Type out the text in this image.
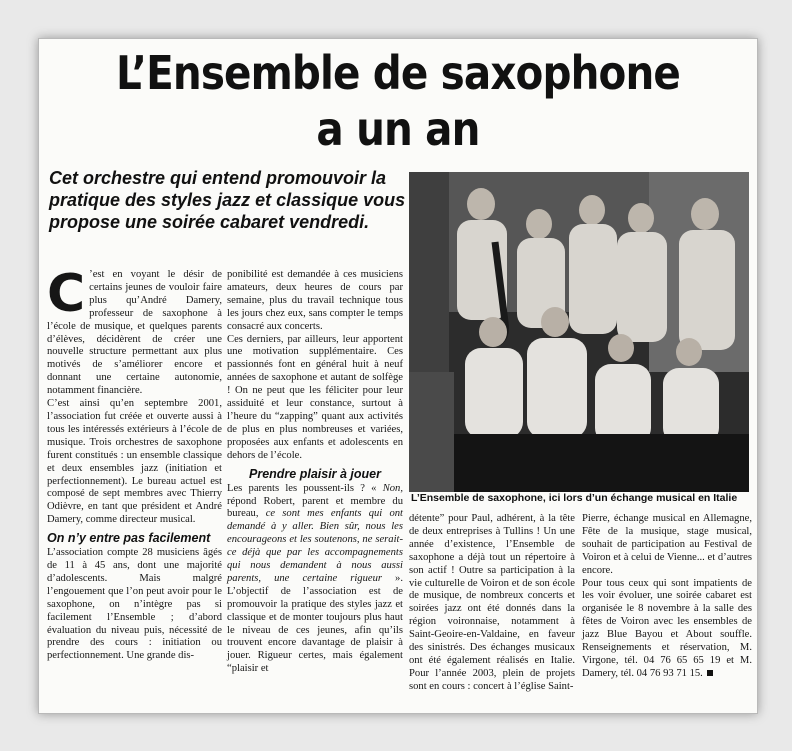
L’Ensemble de saxophone
a un an
Cet orchestre qui entend promouvoir la pratique des styles jazz et classique vous propose une soirée cabaret vendredi.
L’Ensemble de saxophone, ici lors d’un échange musical en Italie

C ’est en voyant le désir de certains jeunes de vouloir faire plus qu’André Damery, professeur de saxophone à l’école de musique, et quelques parents d’élèves, décidèrent de créer une nouvelle structure permettant aux plus motivés de s’améliorer encore et donnant une certaine autonomie, notamment financière.

C’est ainsi qu’en septembre 2001, l’association fut créée et ouverte aussi à tous les intéressés extérieurs à l’école de musique. Trois orchestres de saxophone furent constitués : un ensemble classique et deux ensembles jazz (initiation et perfectionnement). Le bureau actuel est composé de sept membres avec Thierry Odièvre, en tant que président et André Damery, comme directeur musical.

On n’y entre pas facilement

L’association compte 28 musiciens âgés de 11 à 45 ans, dont une majorité d’adolescents. Mais malgré l’engouement que l’on peut avoir pour le saxophone, on n’intègre pas si facilement l’Ensemble ; d’abord évaluation du niveau puis, nécessité de prendre des cours : initiation ou perfectionnement. Une grande dis-

ponibilité est demandée à ces musiciens amateurs, deux heures de cours par semaine, plus du travail technique tous les jours chez eux, sans compter le temps consacré aux concerts.

Ces derniers, par ailleurs, leur apportent une motivation supplémentaire. Ces passionnés font en général huit à neuf années de saxophone et autant de solfège ! On ne peut que les féliciter pour leur assiduité et leur constance, surtout à l’heure du “zapping” quant aux activités de plus en plus nombreuses et variées, proposées aux enfants et adolescents en dehors de l’école.

Prendre plaisir à jouer

Les parents les poussent-ils ? « Non, répond Robert, parent et membre du bureau, ce sont mes enfants qui ont demandé à y aller. Bien sûr, nous les encourageons et les soutenons, ne serait-ce déjà que par les accompagnements qui nous demandent à nous aussi parents, une certaine rigueur ». L’objectif de l’association est de promouvoir la pratique des styles jazz et classique et de monter toujours plus haut le niveau de ces jeunes, afin qu’ils trouvent encore davantage de plaisir à jouer. Rigueur certes, mais également “plaisir et

détente” pour Paul, adhérent, à la tête de deux entreprises à Tullins ! Un une année d’existence, l’Ensemble de saxophone a déjà tout un répertoire à son actif ! Outre sa participation à la vie culturelle de Voiron et de son école de musique, de nombreux concerts et soirées jazz ont été donnés dans la région voironnaise, notamment à Saint-Geoire-en-Valdaine, en faveur des sinistrés. Des échanges musicaux ont été également réalisés en Italie. Pour l’année 2003, plein de projets sont en cours : concert à l’église Saint-

Pierre, échange musical en Allemagne, Fête de la musique, stage musical, souhait de participation au Festival de Voiron et à celui de Vienne... et d’autres encore.

Pour tous ceux qui sont impatients de les voir évoluer, une soirée cabaret est organisée le 8 novembre à la salle des fêtes de Voiron avec les ensembles de jazz Blue Bayou et About souffle. Renseignements et réservation, M. Virgone, tél. 04 76 65 65 19 et M. Damery, tél. 04 76 93 71 15.
